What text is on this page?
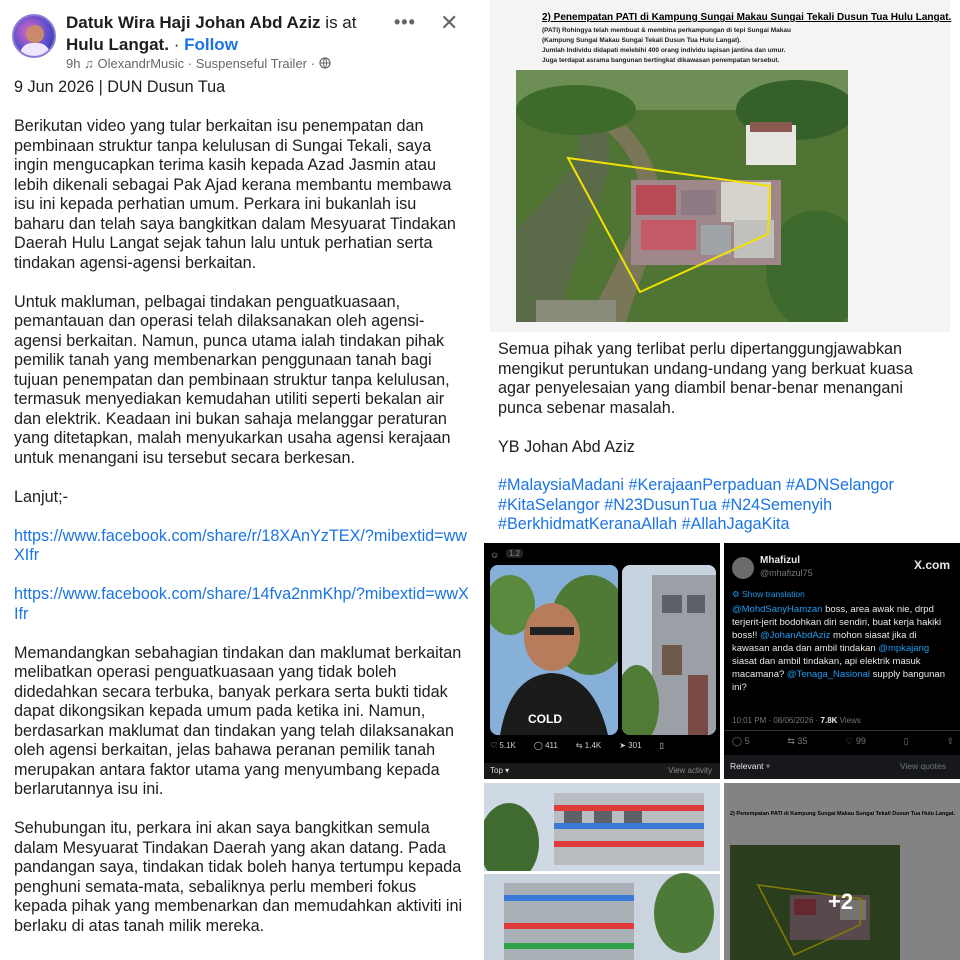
Datuk Wira Haji Johan Abd Aziz is at Hulu Langat. · Follow
9h ♫ OlexandrMusic · Suspenseful Trailer ·
••• ✕

9 Jun 2026 | DUN Dusun Tua

Berikutan video yang tular berkaitan isu penempatan dan pembinaan struktur tanpa kelulusan di Sungai Tekali, saya ingin mengucapkan terima kasih kepada Azad Jasmin atau lebih dikenali sebagai Pak Ajad kerana membantu membawa isu ini kepada perhatian umum. Perkara ini bukanlah isu baharu dan telah saya bangkitkan dalam Mesyuarat Tindakan Daerah Hulu Langat sejak tahun lalu untuk perhatian serta tindakan agensi-agensi berkaitan.

Untuk makluman, pelbagai tindakan penguatkuasaan, pemantauan dan operasi telah dilaksanakan oleh agensi-agensi berkaitan. Namun, punca utama ialah tindakan pihak pemilik tanah yang membenarkan penggunaan tanah bagi tujuan penempatan dan pembinaan struktur tanpa kelulusan, termasuk menyediakan kemudahan utiliti seperti bekalan air dan elektrik. Keadaan ini bukan sahaja melanggar peraturan yang ditetapkan, malah menyukarkan usaha agensi kerajaan untuk menangani isu tersebut secara berkesan.

Lanjut;-

https://www.facebook.com/share/r/18XAnYzTEX/?mibextid=wwXIfr

https://www.facebook.com/share/14fva2nmKhp/?mibextid=wwXIfr

Memandangkan sebahagian tindakan dan maklumat berkaitan melibatkan operasi penguatkuasaan yang tidak boleh didedahkan secara terbuka, banyak perkara serta bukti tidak dapat dikongsikan kepada umum pada ketika ini. Namun, berdasarkan maklumat dan tindakan yang telah dilaksanakan oleh agensi berkaitan, jelas bahawa peranan pemilik tanah merupakan antara faktor utama yang menyumbang kepada berlarutannya isu ini.

Sehubungan itu, perkara ini akan saya bangkitkan semula dalam Mesyuarat Tindakan Daerah yang akan datang. Pada pandangan saya, tindakan tidak boleh hanya tertumpu kepada penghuni semata-mata, sebaliknya perlu memberi fokus kepada pihak yang membenarkan dan memudahkan aktiviti ini berlaku di atas tanah milik mereka.

2) Penempatan PATI di Kampung Sungai Makau Sungai Tekali Dusun Tua Hulu Langat.
(PATI) Rohingya telah membuat & membina perkampungan di tepi Sungai Makau
(Kampung Sungai Makau Sungai Tekali Dusun Tua Hulu Langat).
Jumlah Individu didapati melebihi 400 orang individu lapisan jantina dan umur.
Juga terdapat asrama bangunan bertingkat dikawasan penempatan tersebut.

Semua pihak yang terlibat perlu dipertanggungjawabkan mengikut peruntukan undang-undang yang berkuat kuasa agar penyelesaian yang diambil benar-benar menangani punca sebenar masalah.

YB Johan Abd Aziz

#MalaysiaMadani #KerajaanPerpaduan #ADNSelangor #KitaSelangor #N23DusunTua #N24Semenyih #BerkhidmatKeranaAllah #AllahJagaKita
☺	1.2
COLD
♡ 5.1K ◯ 411 ⇆ 1.4K ➤ 301 ▯
Top ▾	View activity
Mhafizul
@mhafizul75
X.com
⚙ Show translation
@MohdSanyHamzan boss, area awak nie, drpd terjerit-jerit bodohkan diri sendiri, buat kerja hakiki boss!! @JohanAbdAziz mohon siasat jika di kawasan anda dan ambil tindakan @mpkajang siasat dan ambil tindakan, api elektrik masuk macamana? @Tenaga_Nasional supply bangunan ini?
10:01 PM · 08/06/2026 · 7.8K Views
◯ 5	⇆ 35	♡ 99	▯	⇪
Relevant ▾	View quotes
2) Penempatan PATI di Kampung Sungai Makau Sungai Tekali Dusun Tua Hulu Langat.
+2
